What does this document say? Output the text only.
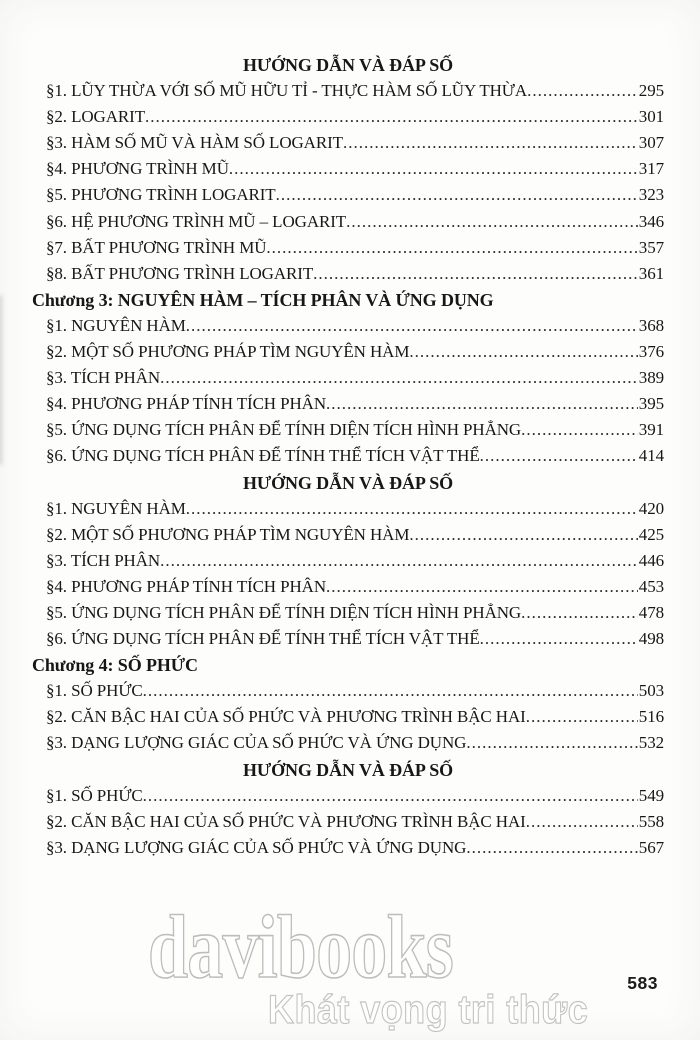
HƯỚNG DẪN VÀ ĐÁP SỐ
§1. LŨY THỪA VỚI SỐ MŨ HỮU TỈ - THỰC HÀM SỐ LŨY THỪA .....	295
§2. LOGARIT .....	301
§3. HÀM SỐ MŨ VÀ HÀM SỐ LOGARIT .....	307
§4. PHƯƠNG TRÌNH MŨ .....	317
§5. PHƯƠNG TRÌNH LOGARIT .....	323
§6. HỆ PHƯƠNG TRÌNH MŨ – LOGARIT .....	346
§7. BẤT PHƯƠNG TRÌNH MŨ .....	357
§8. BẤT PHƯƠNG TRÌNH LOGARIT .....	361
Chương 3: NGUYÊN HÀM – TÍCH PHÂN VÀ ỨNG DỤNG
§1. NGUYÊN HÀM .....	368
§2. MỘT SỐ PHƯƠNG PHÁP TÌM NGUYÊN HÀM .....	376
§3. TÍCH PHÂN .....	389
§4. PHƯƠNG PHÁP TÍNH TÍCH PHÂN .....	395
§5. ỨNG DỤNG TÍCH PHÂN ĐỂ TÍNH DIỆN TÍCH HÌNH PHẲNG .....	391
§6. ỨNG DỤNG TÍCH PHÂN ĐỂ TÍNH THỂ TÍCH VẬT THỂ .....	414
HƯỚNG DẪN VÀ ĐÁP SỐ
§1. NGUYÊN HÀM .....	420
§2. MỘT SỐ PHƯƠNG PHÁP TÌM NGUYÊN HÀM .....	425
§3. TÍCH PHÂN .....	446
§4. PHƯƠNG PHÁP TÍNH TÍCH PHÂN .....	453
§5. ỨNG DỤNG TÍCH PHÂN ĐỂ TÍNH DIỆN TÍCH HÌNH PHẲNG .....	478
§6. ỨNG DỤNG TÍCH PHÂN ĐỂ TÍNH THỂ TÍCH VẬT THỂ .....	498
Chương 4: SỐ PHỨC
§1. SỐ PHỨC .....	503
§2. CĂN BẬC HAI CỦA SỐ PHỨC VÀ PHƯƠNG TRÌNH BẬC HAI .....	516
§3. DẠNG LƯỢNG GIÁC CỦA SỐ PHỨC VÀ ỨNG DỤNG .....	532
HƯỚNG DẪN VÀ ĐÁP SỐ
§1. SỐ PHỨC .....	549
§2. CĂN BẬC HAI CỦA SỐ PHỨC VÀ PHƯƠNG TRÌNH BẬC HAI .....	558
§3. DẠNG LƯỢNG GIÁC CỦA SỐ PHỨC VÀ ỨNG DỤNG .....	567
davibooks
Khát vọng tri thức
583
